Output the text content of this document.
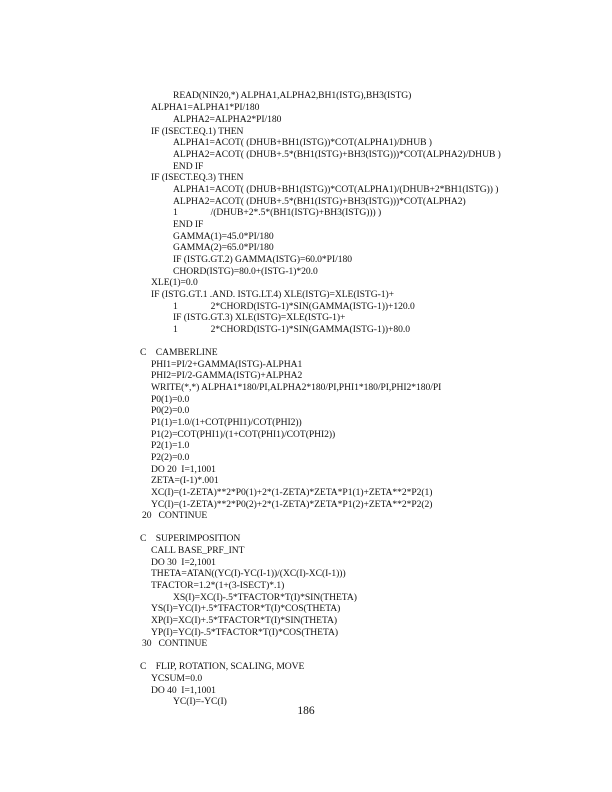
READ(NIN20,*) ALPHA1,ALPHA2,BH1(ISTG),BH3(ISTG)
ALPHA1=ALPHA1*PI/180
ALPHA2=ALPHA2*PI/180
IF (ISECT.EQ.1) THEN
ALPHA1=ACOT( (DHUB+BH1(ISTG))*COT(ALPHA1)/DHUB )
ALPHA2=ACOT( (DHUB+.5*(BH1(ISTG)+BH3(ISTG)))*COT(ALPHA2)/DHUB )
END IF
IF (ISECT.EQ.3) THEN
ALPHA1=ACOT( (DHUB+BH1(ISTG))*COT(ALPHA1)/(DHUB+2*BH1(ISTG)) )
ALPHA2=ACOT( (DHUB+.5*(BH1(ISTG)+BH3(ISTG)))*COT(ALPHA2)
1              /(DHUB+2*.5*(BH1(ISTG)+BH3(ISTG))) )
END IF
GAMMA(1)=45.0*PI/180
GAMMA(2)=65.0*PI/180
IF (ISTG.GT.2) GAMMA(ISTG)=60.0*PI/180
CHORD(ISTG)=80.0+(ISTG-1)*20.0
XLE(1)=0.0
IF (ISTG.GT.1 .AND. ISTG.LT.4) XLE(ISTG)=XLE(ISTG-1)+
1              2*CHORD(ISTG-1)*SIN(GAMMA(ISTG-1))+120.0
IF (ISTG.GT.3) XLE(ISTG)=XLE(ISTG-1)+
1              2*CHORD(ISTG-1)*SIN(GAMMA(ISTG-1))+80.0
C    CAMBERLINE
PHI1=PI/2+GAMMA(ISTG)-ALPHA1
PHI2=PI/2-GAMMA(ISTG)+ALPHA2
WRITE(*,*) ALPHA1*180/PI,ALPHA2*180/PI,PHI1*180/PI,PHI2*180/PI
P0(1)=0.0
P0(2)=0.0
P1(1)=1.0/(1+COT(PHI1)/COT(PHI2))
P1(2)=COT(PHI1)/(1+COT(PHI1)/COT(PHI2))
P2(1)=1.0
P2(2)=0.0
DO 20  I=1,1001
ZETA=(I-1)*.001
XC(I)=(1-ZETA)**2*P0(1)+2*(1-ZETA)*ZETA*P1(1)+ZETA**2*P2(1)
YC(I)=(1-ZETA)**2*P0(2)+2*(1-ZETA)*ZETA*P1(2)+ZETA**2*P2(2)
20   CONTINUE
C    SUPERIMPOSITION
CALL BASE_PRF_INT
DO 30  I=2,1001
THETA=ATAN((YC(I)-YC(I-1))/(XC(I)-XC(I-1)))
TFACTOR=1.2*(1+(3-ISECT)*.1)
XS(I)=XC(I)-.5*TFACTOR*T(I)*SIN(THETA)
YS(I)=YC(I)+.5*TFACTOR*T(I)*COS(THETA)
XP(I)=XC(I)+.5*TFACTOR*T(I)*SIN(THETA)
YP(I)=YC(I)-.5*TFACTOR*T(I)*COS(THETA)
30   CONTINUE
C    FLIP, ROTATION, SCALING, MOVE
YCSUM=0.0
DO 40  I=1,1001
YC(I)=-YC(I)
186
